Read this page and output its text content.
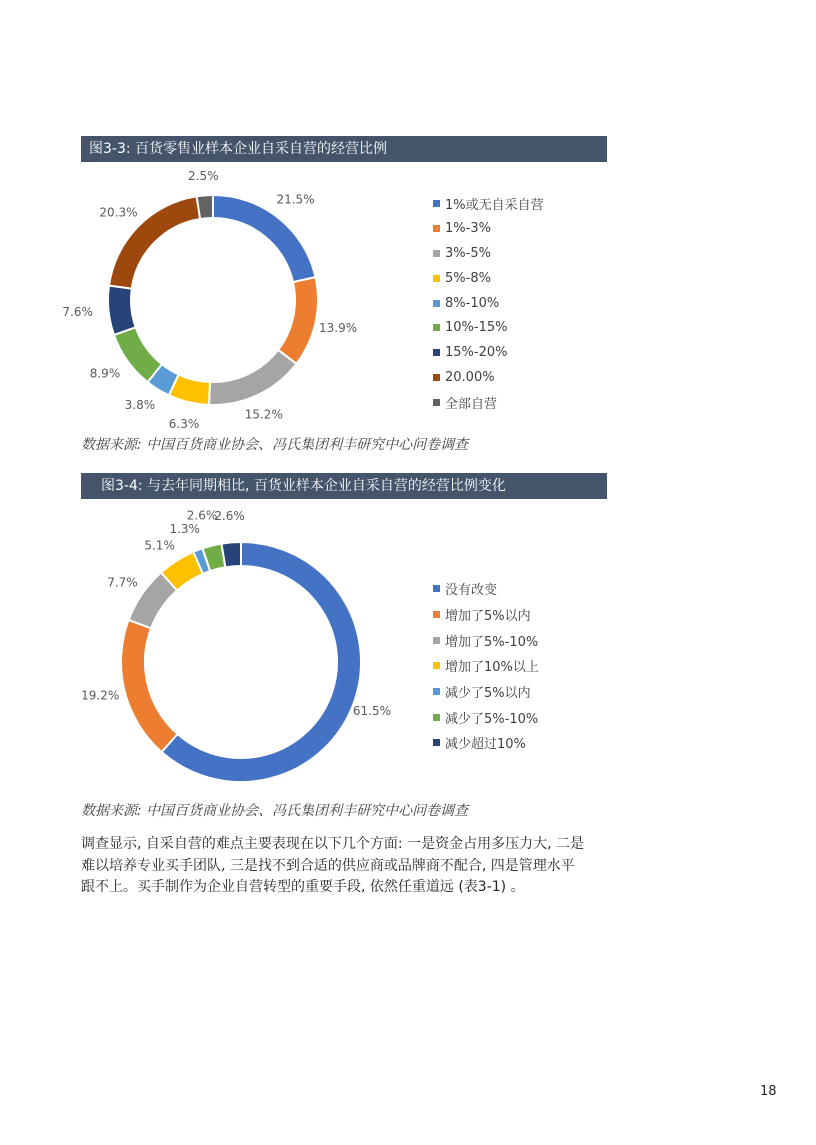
图3-3: 百货零售业样本企业自采自营的经营比例
21.5%
13.9%
15.2%
6.3%
3.8%
8.9%
7.6%
20.3%
2.5%
1%或无自采自营
1%-3%
3%-5%
5%-8%
8%-10%
10%-15%
15%-20%
20.00%
全部自营
数据来源: 中国百货商业协会、冯氏集团利丰研究中心问卷调查
图3-4: 与去年同期相比, 百货业样本企业自采自营的经营比例变化
61.5%
19.2%
7.7%
5.1%
1.3%
2.6%
2.6%
没有改变
增加了5%以内
增加了5%-10%
增加了10%以上
减少了5%以内
减少了5%-10%
减少超过10%
数据来源: 中国百货商业协会、冯氏集团利丰研究中心问卷调查

调查显示, 自采自营的难点主要表现在以下几个方面: 一是资金占用多压力大, 二是

难以培养专业买手团队, 三是找不到合适的供应商或品牌商不配合, 四是管理水平

跟不上。买手制作为企业自营转型的重要手段, 依然任重道远 (表3-1) 。

18
